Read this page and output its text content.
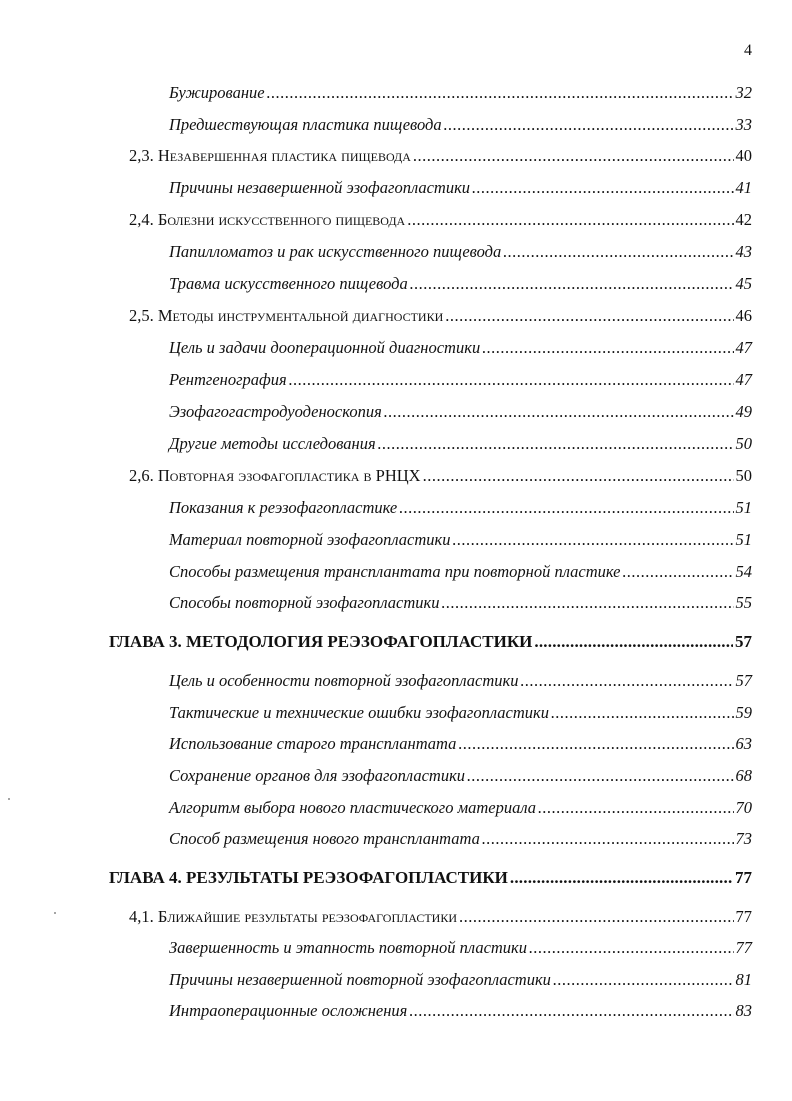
4
Бужирование .....	32
Предшествующая пластика пищевода .....	33
2,3. Незавершенная пластика пищевода .....	40
Причины незавершенной эзофагопластики .....	41
2,4. Болезни искусственного пищевода .....	42
Папилломатоз и рак искусственного пищевода .....	43
Травма искусственного пищевода .....	45
2,5. Методы инструментальной диагностики .....	46
Цель и задачи дооперационной диагностики .....	47
Рентгенография .....	47
Эзофагогастродуоденоскопия .....	49
Другие методы исследования .....	50
2,6. Повторная эзофагопластика в РНЦХ .....	50
Показания к реэзофагопластике .....	51
Материал повторной эзофагопластики .....	51
Способы размещения трансплантата при повторной пластике .....	54
Способы повторной эзофагопластики .....	55
ГЛАВА 3. МЕТОДОЛОГИЯ РЕЭЗОФАГОПЛАСТИКИ .....	57
Цель и особенности повторной эзофагопластики .....	57
Тактические и технические ошибки эзофагопластики .....	59
Использование старого трансплантата .....	63
Сохранение органов для эзофагопластики .....	68
Алгоритм выбора нового пластического материала .....	70
Способ размещения нового трансплантата .....	73
ГЛАВА 4. РЕЗУЛЬТАТЫ РЕЭЗОФАГОПЛАСТИКИ .....	77
4,1. Ближайшие результаты реэзофагопластики .....	77
Завершенность и этапность повторной пластики .....	77
Причины незавершенной повторной эзофагопластики .....	81
Интраоперационные осложнения .....	83
